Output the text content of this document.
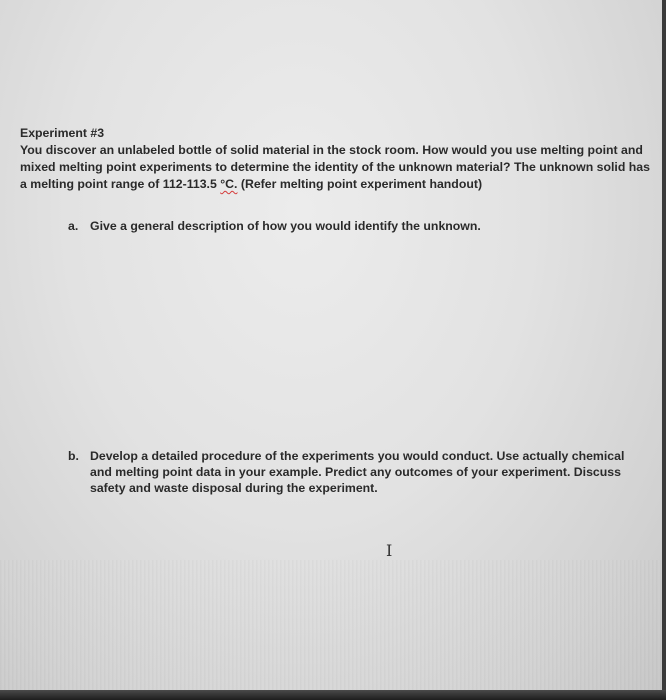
Experiment #3

You discover an unlabeled bottle of solid material in the stock room. How would you use melting point and mixed melting point experiments to determine the identity of the unknown material? The unknown solid has a melting point range of 112-113.5 °C. (Refer melting point experiment handout)

a. Give a general description of how you would identify the unknown.
b. Develop a detailed procedure of the experiments you would conduct. Use actually chemical and melting point data in your example. Predict any outcomes of your experiment. Discuss safety and waste disposal during the experiment.
I
